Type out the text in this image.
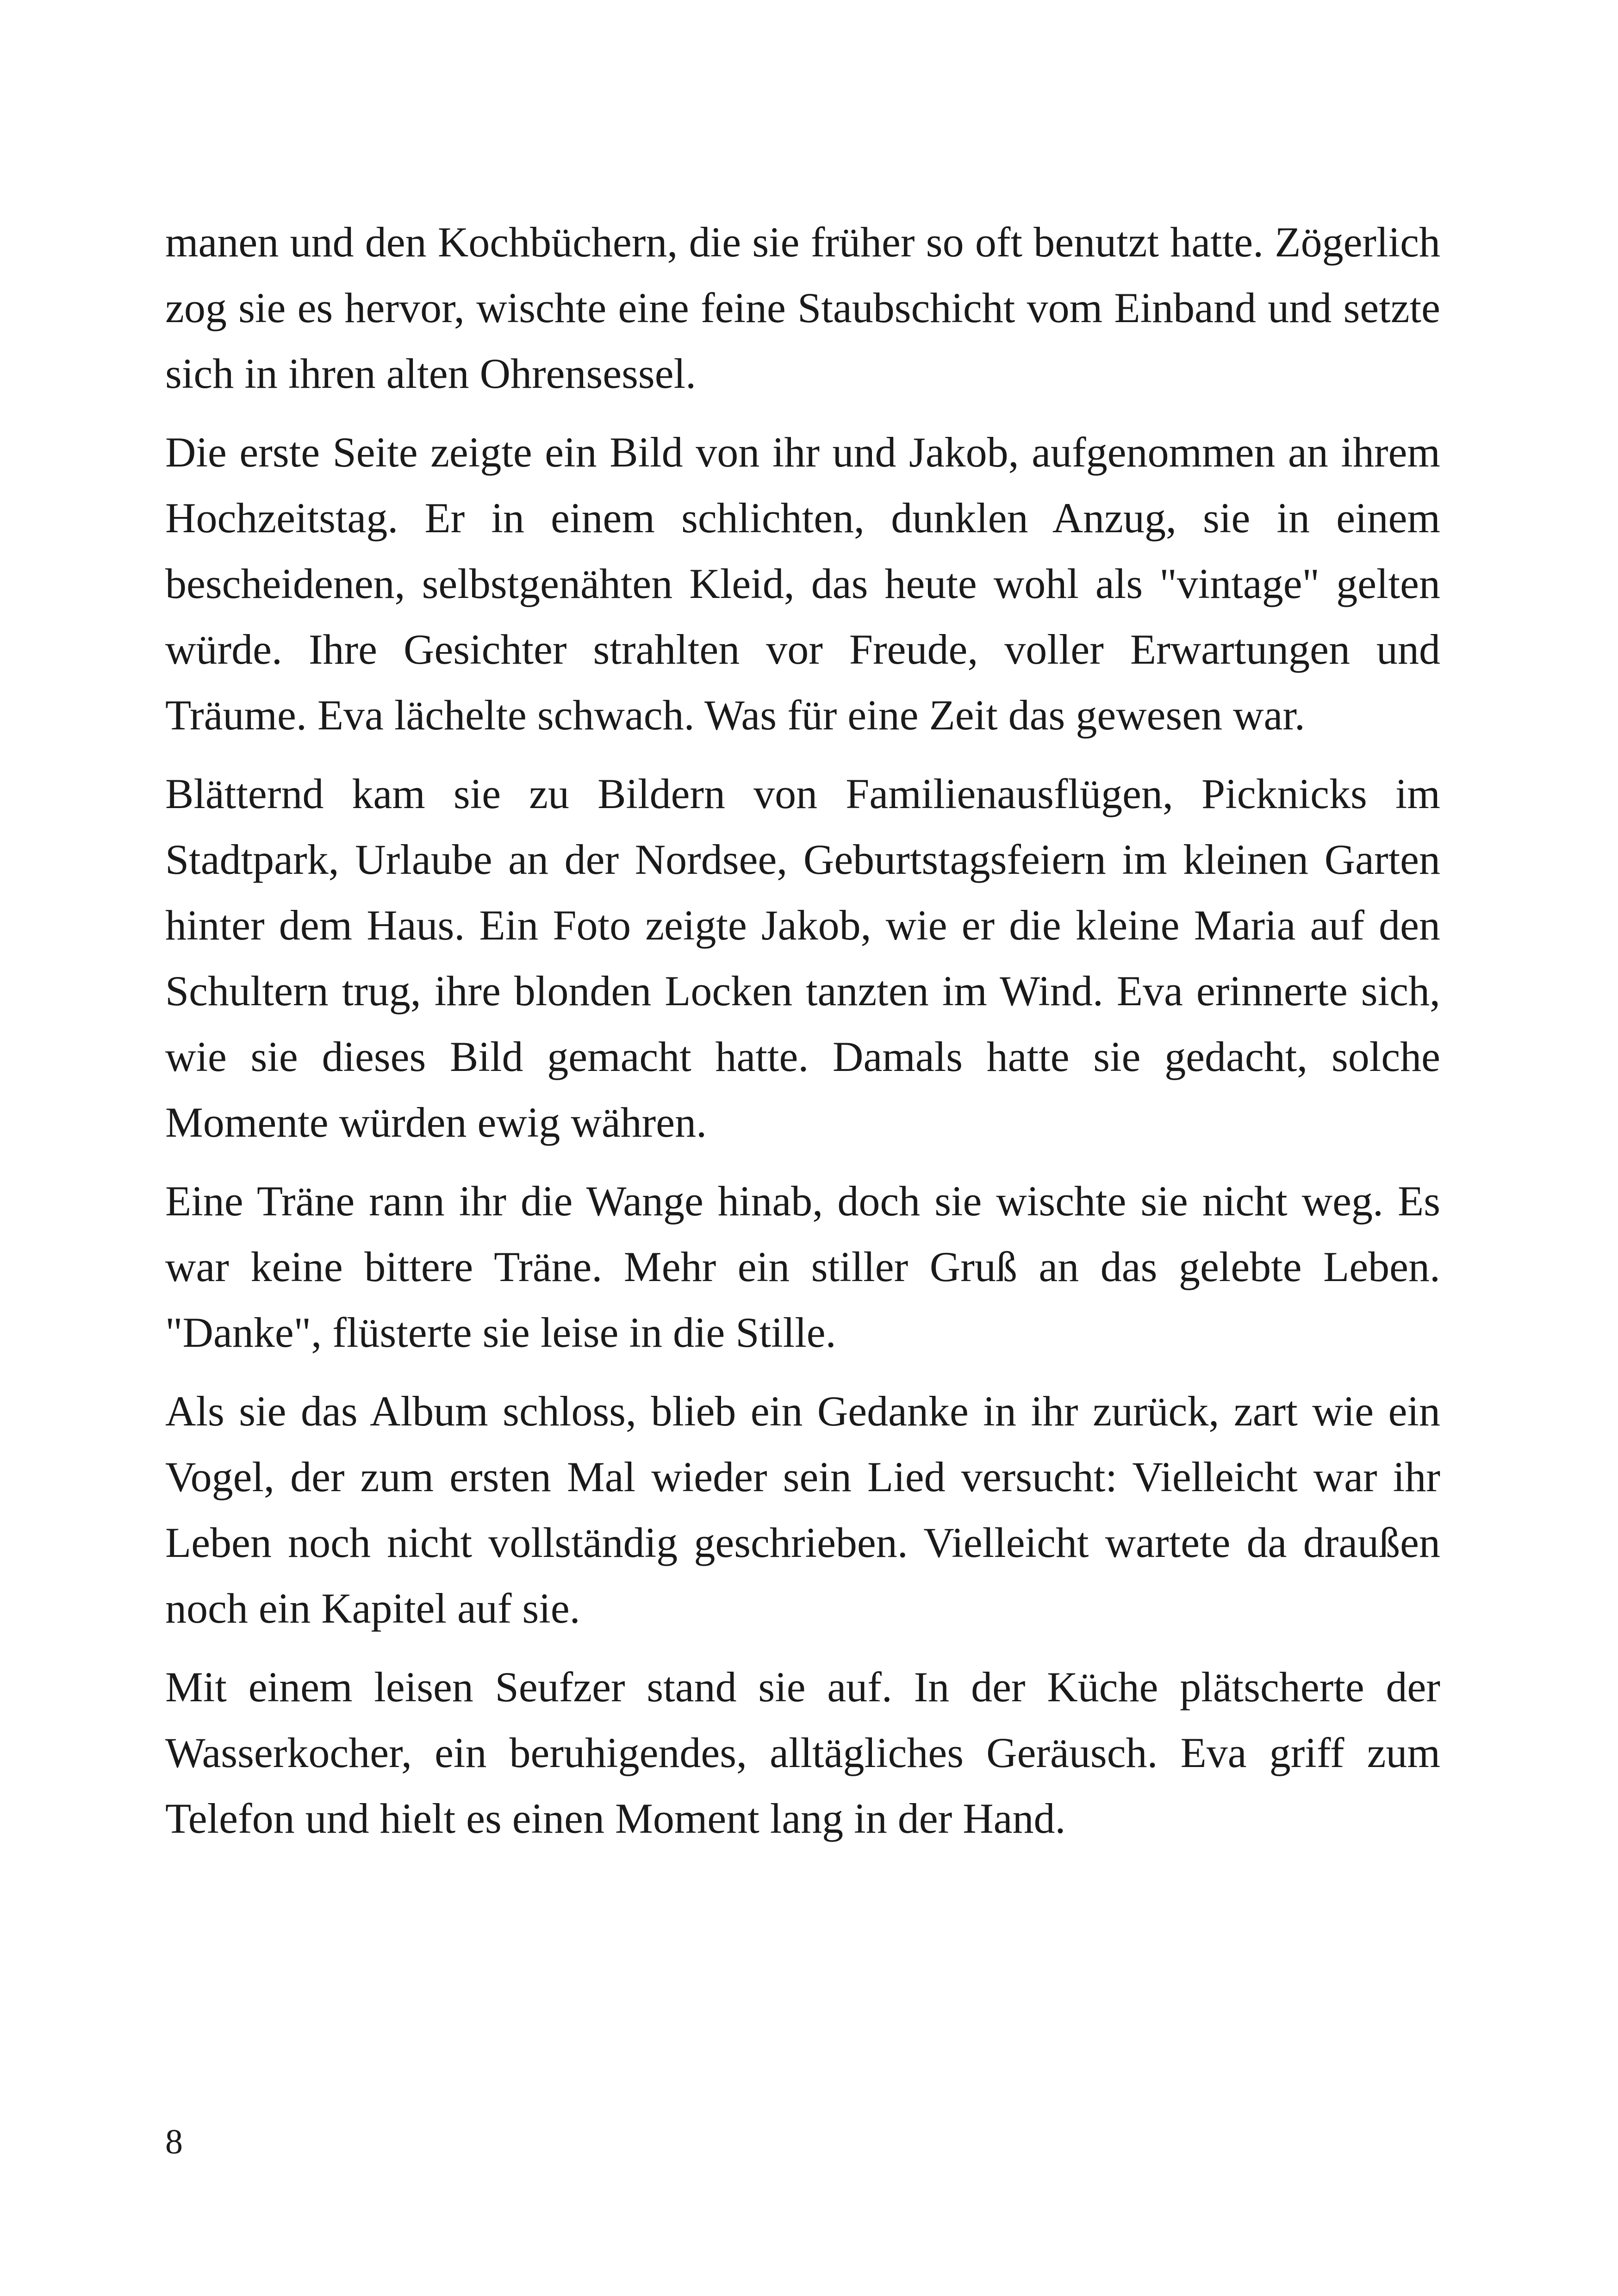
manen und den Kochbüchern, die sie früher so oft benutzt hatte. Zögerlich zog sie es hervor, wischte eine feine Staubschicht vom Einband und setzte sich in ihren alten Ohrensessel.

Die erste Seite zeigte ein Bild von ihr und Jakob, aufgenommen an ihrem Hochzeitstag. Er in einem schlichten, dunklen Anzug, sie in einem bescheidenen, selbstgenähten Kleid, das heute wohl als "vintage" gelten würde. Ihre Gesichter strahlten vor Freude, voller Erwartungen und Träume. Eva lächelte schwach. Was für eine Zeit das gewesen war.

Blätternd kam sie zu Bildern von Familienausflügen, Picknicks im Stadtpark, Urlaube an der Nordsee, Geburtstagsfeiern im kleinen Garten hinter dem Haus. Ein Foto zeigte Jakob, wie er die kleine Maria auf den Schultern trug, ihre blonden Locken tanzten im Wind. Eva erinnerte sich, wie sie dieses Bild gemacht hatte. Damals hatte sie gedacht, solche Momente würden ewig währen.

Eine Träne rann ihr die Wange hinab, doch sie wischte sie nicht weg. Es war keine bittere Träne. Mehr ein stiller Gruß an das gelebte Leben. "Danke", flüsterte sie leise in die Stille.

Als sie das Album schloss, blieb ein Gedanke in ihr zurück, zart wie ein Vogel, der zum ersten Mal wieder sein Lied versucht: Vielleicht war ihr Leben noch nicht vollständig geschrieben. Vielleicht wartete da draußen noch ein Kapitel auf sie.

Mit einem leisen Seufzer stand sie auf. In der Küche plätscherte der Wasserkocher, ein beruhigendes, alltägliches Geräusch. Eva griff zum Telefon und hielt es einen Moment lang in der Hand.

8
